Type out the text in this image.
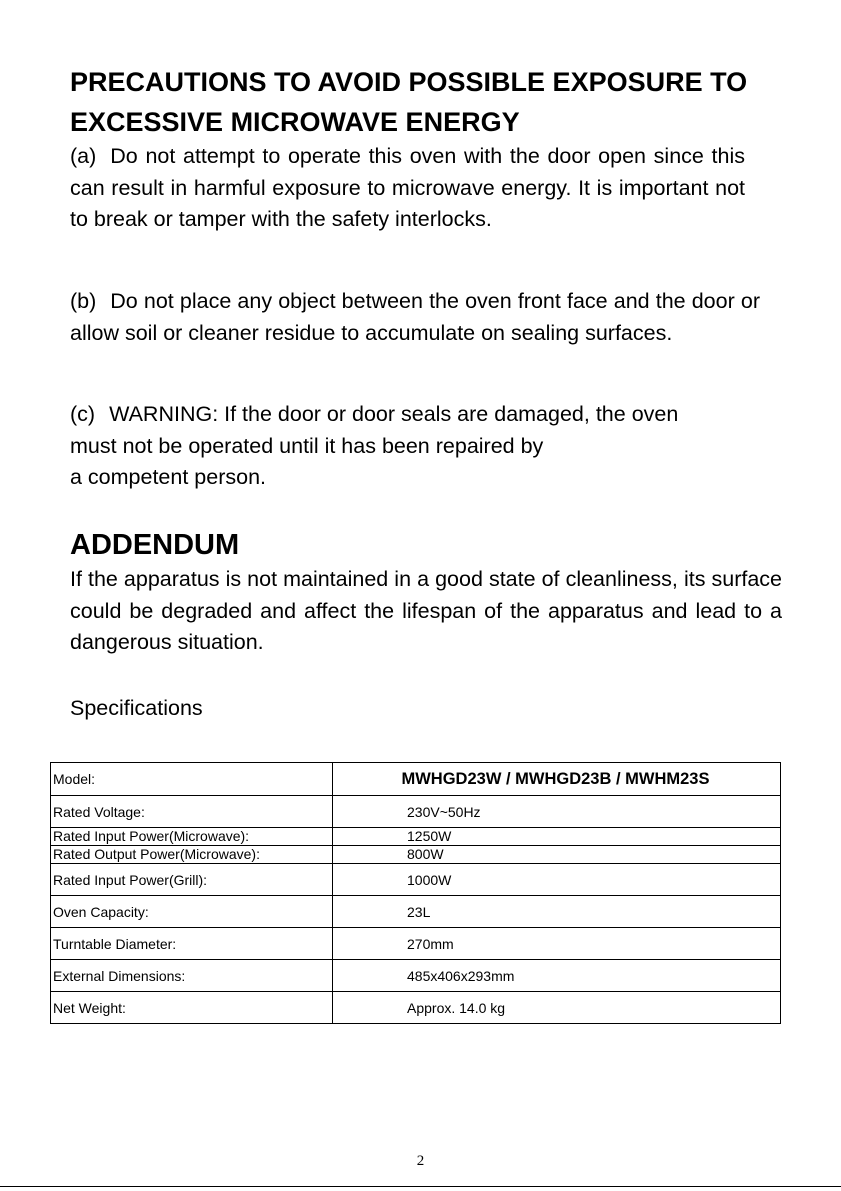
PRECAUTIONS TO AVOID POSSIBLE EXPOSURE TO
EXCESSIVE MICROWAVE ENERGY

(a) Do not attempt to operate this oven with the door open since this can result in harmful exposure to microwave energy. It is important not to break or tamper with the safety interlocks.

(b) Do not place any object between the oven front face and the door or allow soil or cleaner residue to accumulate on sealing surfaces.

(c) WARNING: If the door or door seals are damaged, the oven
must not be operated until it has been repaired by
a competent person.

ADDENDUM

If the apparatus is not maintained in a good state of cleanliness, its surface could be degraded and affect the lifespan of the apparatus and lead to a dangerous situation.

Specifications

Model:	MWHGD23W / MWHGD23B / MWHM23S
Rated Voltage:	230V~50Hz
Rated Input Power(Microwave):	1250W
Rated Output Power(Microwave):	800W
Rated Input Power(Grill):	1000W
Oven Capacity:	23L
Turntable Diameter:	270mm
External Dimensions:	485x406x293mm
Net Weight:	Approx. 14.0 kg
2
